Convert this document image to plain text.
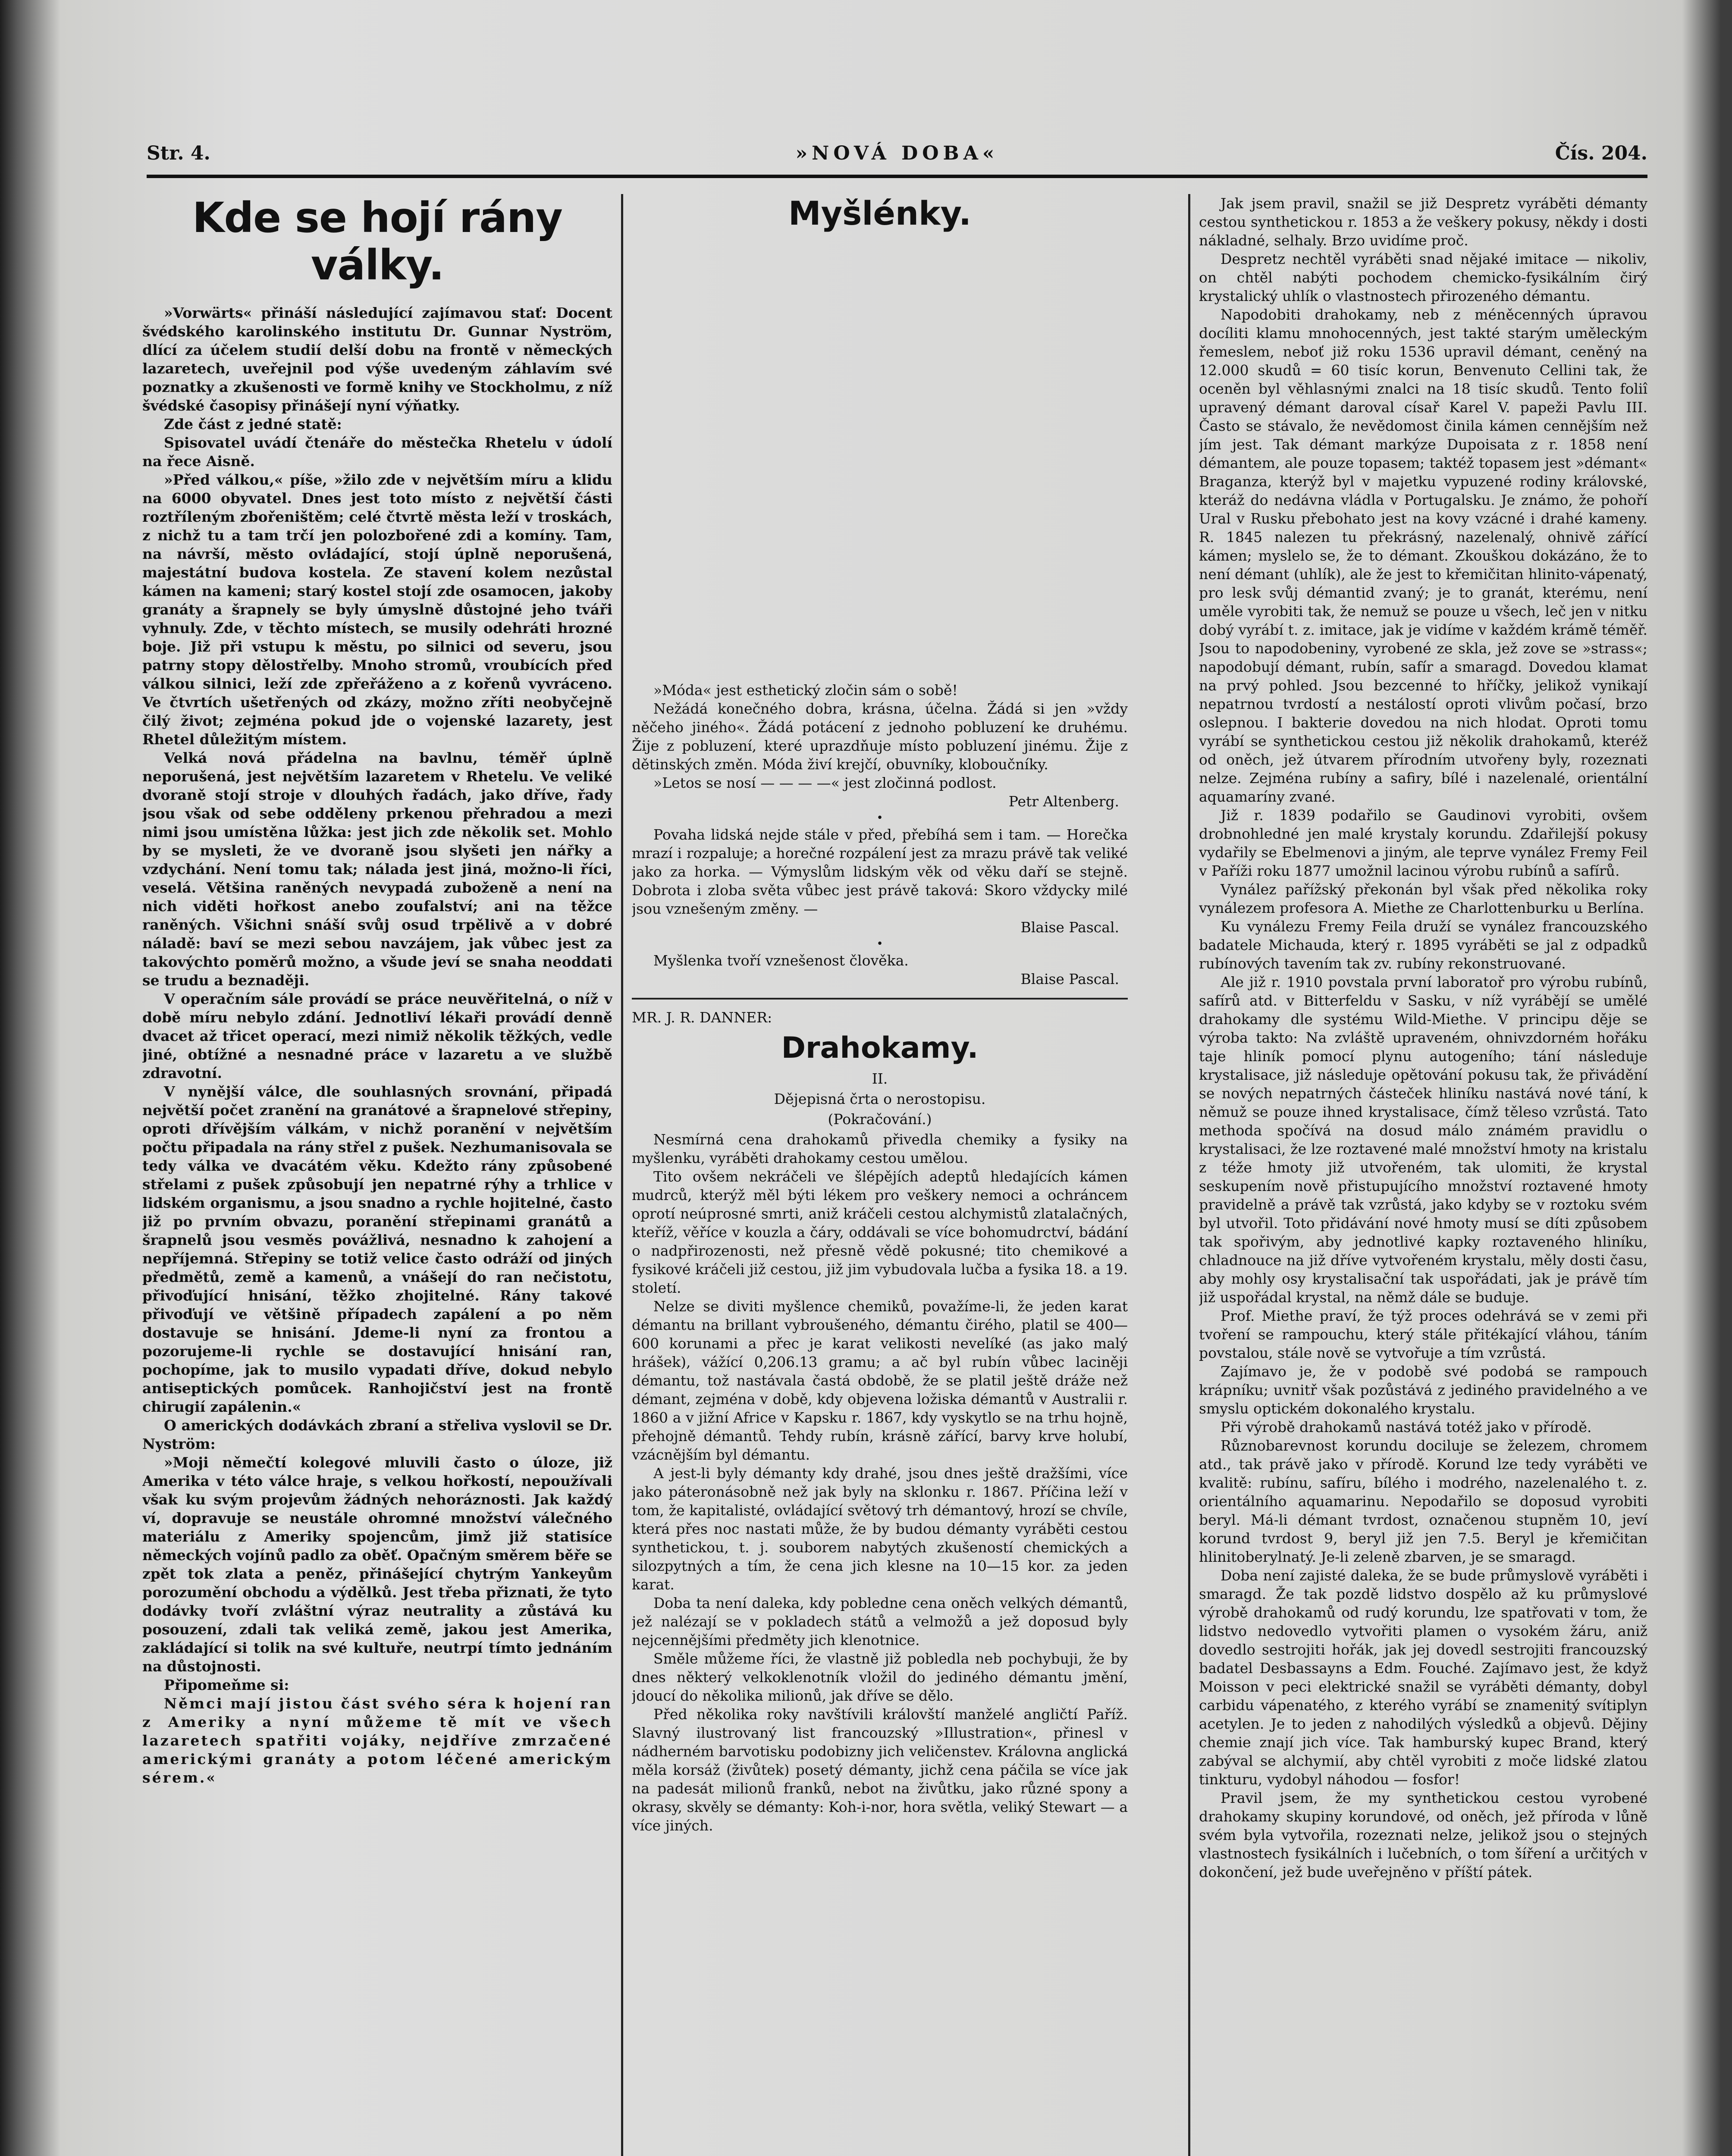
Str. 4.	»NOVÁ DOBA«	Čís. 204.
Kde se hojí rány války.

»Vorwärts« přináší následující zajímavou stať: Docent švédského karolinského institutu Dr. Gunnar Nyström, dlící za účelem studií delší dobu na frontě v německých lazaretech, uveřejnil pod výše uvedeným záhlavím své poznatky a zkušenosti ve formě knihy ve Stockholmu, z níž švédské časopisy přinášejí nyní výňatky.

Zde část z jedné statě:

Spisovatel uvádí čtenáře do městečka Rhetelu v údolí na řece Aisně.

»Před válkou,« píše, »žilo zde v největším míru a klidu na 6000 obyvatel. Dnes jest toto místo z největší části roztříleným zbořeništěm; celé čtvrtě města leží v troskách, z nichž tu a tam trčí jen polozbořené zdi a komíny. Tam, na návrší, město ovládající, stojí úplně neporušená, majestátní budova kostela. Ze stavení kolem nezůstal kámen na kameni; starý kostel stojí zde osamocen, jakoby granáty a šrapnely se byly úmyslně důstojné jeho tváři vyhnuly. Zde, v těchto místech, se musily odehráti hrozné boje. Již při vstupu k městu, po silnici od severu, jsou patrny stopy dělostřelby. Mnoho stromů, vroubících před válkou silnici, leží zde zpřeřáženo a z kořenů vyvráceno. Ve čtvrtích ušetřených od zkázy, možno zříti neobyčejně čilý život; zejména pokud jde o vojenské lazarety, jest Rhetel důležitým místem.

Velká nová přádelna na bavlnu, téměř úplně neporušená, jest největším lazaretem v Rhetelu. Ve veliké dvoraně stojí stroje v dlouhých řadách, jako dříve, řady jsou však od sebe odděleny prkenou přehradou a mezi nimi jsou umístěna lůžka: jest jich zde několik set. Mohlo by se mysleti, že ve dvoraně jsou slyšeti jen nářky a vzdychání. Není tomu tak; nálada jest jiná, možno-li říci, veselá. Většina raněných nevypadá zuboženě a není na nich viděti hořkost anebo zoufalství; ani na těžce raněných. Všichni snáší svůj osud trpělivě a v dobré náladě: baví se mezi sebou navzájem, jak vůbec jest za takovýchto poměrů možno, a všude jeví se snaha neoddati se trudu a beznaději.

V operačním sále provádí se práce neuvěřitelná, o níž v době míru nebylo zdání. Jednotliví lékaři provádí denně dvacet až třicet operací, mezi nimiž několik těžkých, vedle jiné, obtížné a nesnadné práce v lazaretu a ve službě zdravotní.

V nynější válce, dle souhlasných srovnání, připadá největší počet zranění na granátové a šrapnelové střepiny, oproti dřívějším válkám, v nichž poranění v největším počtu připadala na rány střel z pušek. Nezhumanisovala se tedy válka ve dvacátém věku. Kdežto rány způsobené střelami z pušek způsobují jen nepatrné rýhy a trhlice v lidském organismu, a jsou snadno a rychle hojitelné, často již po prvním obvazu, poranění střepinami granátů a šrapnelů jsou vesměs povážlivá, nesnadno k zahojení a nepříjemná. Střepiny se totiž velice často odráží od jiných předmětů, země a kamenů, a vnášejí do ran nečistotu, přivoďující hnisání, těžko zhojitelné. Rány takové přivoďují ve většině případech zapálení a po něm dostavuje se hnisání. Jdeme-li nyní za frontou a pozorujeme-li rychle se dostavující hnisání ran, pochopíme, jak to musilo vypadati dříve, dokud nebylo antiseptických pomůcek. Ranhojičství jest na frontě chirugií zapálenin.«

O amerických dodávkách zbraní a střeliva vyslovil se Dr. Nyström:

»Moji němečtí kolegové mluvili často o úloze, již Amerika v této válce hraje, s velkou hořkostí, nepoužívali však ku svým projevům žádných nehoráznosti. Jak každý ví, dopravuje se neustále ohromné množství válečného materiálu z Ameriky spojencům, jimž již statisíce německých vojínů padlo za oběť. Opačným směrem běře se zpět tok zlata a peněz, přinášející chytrým Yankeyům porozumění obchodu a výdělků. Jest třeba přiznati, že tyto dodávky tvoří zvláštní výraz neutrality a zůstává ku posouzení, zdali tak veliká země, jakou jest Amerika, zakládající si tolik na své kultuře, neutrpí tímto jednáním na důstojnosti.

Připomeňme si:

Němci mají jistou část svého séra k hojení ran z Ameriky a nyní můžeme tě mít ve všech lazaretech spatřiti vojáky, nejdříve zmrzačené americkými granáty a potom léčené americkým sérem.«

Myšlénky.

»Móda« jest esthetický zločin sám o sobě!

Nežádá konečného dobra, krásna, účelna. Žádá si jen »vždy něčeho jiného«. Žádá potácení z jednoho pobluzení ke druhému. Žije z pobluzení, které uprazdňuje místo pobluzení jinému. Žije z dětinských změn. Móda živí krejčí, obuvníky, kloboučníky.

»Letos se nosí — — — —« jest zločinná podlost.

Petr Altenberg.
•

Povaha lidská nejde stále v před, přebíhá sem i tam. — Horečka mrazí i rozpaluje; a horečné rozpálení jest za mrazu právě tak veliké jako za horka. — Výmyslům lidským věk od věku daří se stejně. Dobrota i zloba světa vůbec jest právě taková: Skoro vždycky milé jsou vznešeným změny. —

Blaise Pascal.
•

Myšlenka tvoří vznešenost člověka.

Blaise Pascal.
MR. J. R. DANNER:
Drahokamy.
II.
Dějepisná črta o nerostopisu.
(Pokračování.)

Nesmírná cena drahokamů přivedla chemiky a fysiky na myšlenku, vyráběti drahokamy cestou umělou.

Tito ovšem nekráčeli ve šlépějích adeptů hledajících kámen mudrců, kterýž měl býti lékem pro veškery nemoci a ochráncem oprotí neúprosné smrti, aniž kráčeli cestou alchymistů zlatalačných, kteříž, věříce v kouzla a čáry, oddávali se více bohomudrctví, bádání o nadpřirozenosti, než přesně vědě pokusné; tito chemikové a fysikové kráčeli již cestou, již jim vybudovala lučba a fysika 18. a 19. století.

Nelze se diviti myšlence chemiků, považíme-li, že jeden karat démantu na brillant vybroušeného, démantu čirého, platil se 400—600 korunami a přec je karat velikosti nevelíké (as jako malý hrášek), vážící 0,206.13 gramu; a ač byl rubín vůbec laciněji démantu, tož nastávala častá obdobě, že se platil ještě dráže než démant, zejména v době, kdy objevena ložiska démantů v Australii r. 1860 a v jižní Africe v Kapsku r. 1867, kdy vyskytlo se na trhu hojně, přehojně démantů. Tehdy rubín, krásně zářící, barvy krve holubí, vzácnějším byl démantu.

A jest-li byly démanty kdy drahé, jsou dnes ještě dražšími, více jako páteronásobně než jak byly na sklonku r. 1867. Příčina leží v tom, že kapitalisté, ovládající světový trh démantový, hrozí se chvíle, která přes noc nastati může, že by budou démanty vyráběti cestou synthetickou, t. j. souborem nabytých zkušeností chemických a silozpytných a tím, že cena jich klesne na 10—15 kor. za jeden karat.

Doba ta není daleka, kdy pobledne cena oněch velkých démantů, jež nalézají se v pokladech států a velmožů a jež doposud byly nejcennějšími předměty jich klenotnice.

Směle můžeme říci, že vlastně již pobledla neb pochybuji, že by dnes některý velkoklenotník vložil do jediného démantu jmění, jdoucí do několika milionů, jak dříve se dělo.

Před několika roky navštívili královští manželé angličtí Paříž. Slavný ilustrovaný list francouzský »Illustration«, přinesl v nádherném barvotisku podobizny jich veličenstev. Královna anglická měla korsáž (živůtek) posetý démanty, jichž cena páčila se více jak na padesát milionů franků, nebot na živůtku, jako různé spony a okrasy, skvěly se démanty: Koh-i-nor, hora světla, veliký Stewart — a více jiných.

Jak jsem pravil, snažil se již Despretz vyráběti démanty cestou synthetickou r. 1853 a že veškery pokusy, někdy i dosti nákladné, selhaly. Brzo uvidíme proč.

Despretz nechtěl vyráběti snad nějaké imitace — nikoliv, on chtěl nabýti pochodem chemicko-fysikálním čirý krystalický uhlík o vlastnostech přirozeného démantu.

Napodobiti drahokamy, neb z méněcenných úpravou docíliti klamu mnohocenných, jest takté starým uměleckým řemeslem, neboť již roku 1536 upravil démant, ceněný na 12.000 skudů = 60 tisíc korun, Benvenuto Cellini tak, že oceněn byl věhlasnými znalci na 18 tisíc skudů. Tento foliî upravený démant daroval císař Karel V. papeži Pavlu III. Často se stávalo, že nevědomost činila kámen cennějším než jím jest. Tak démant markýze Dupoisata z r. 1858 není démantem, ale pouze topasem; taktéž topasem jest »démant« Braganza, kterýž byl v majetku vypuzené rodiny královské, kteráž do nedávna vládla v Portugalsku. Je známo, že pohoří Ural v Rusku přebohato jest na kovy vzácné i drahé kameny. R. 1845 nalezen tu překrásný, nazelenalý, ohnivě zářící kámen; myslelo se, že to démant. Zkouškou dokázáno, že to není démant (uhlík), ale že jest to křemičitan hlinito-vápenatý, pro lesk svůj démantid zvaný; je to granát, kterému, není uměle vyrobiti tak, že nemuž se pouze u všech, leč jen v nitku dobý vyrábí t. z. imitace, jak je vidíme v každém krámě téměř. Jsou to napodobeniny, vyrobené ze skla, jež zove se »strass«; napodobují démant, rubín, safír a smaragd. Dovedou klamat na prvý pohled. Jsou bezcenné to hříčky, jelikož vynikají nepatrnou tvrdostí a nestálostí oproti vlivům počasí, brzo oslepnou. I bakterie dovedou na nich hlodat. Oproti tomu vyrábí se synthetickou cestou již několik drahokamů, kteréž od oněch, jež útvarem přírodním utvořeny byly, rozeznati nelze. Zejména rubíny a safiry, bílé i nazelenalé, orientální aquamaríny zvané.

Již r. 1839 podařilo se Gaudinovi vyrobiti, ovšem drobnohledné jen malé krystaly korundu. Zdařilejší pokusy vydařily se Ebelmenovi a jiným, ale teprve vynález Fremy Feil v Paříži roku 1877 umožnil lacinou výrobu rubínů a safírů.

Vynález pařížský překonán byl však před několika roky vynálezem profesora A. Miethe ze Charlottenburku u Berlína.

Ku vynálezu Fremy Feila druží se vynález francouzského badatele Michauda, který r. 1895 vyráběti se jal z odpadků rubínových tavením tak zv. rubíny rekonstruované.

Ale již r. 1910 povstala první laboratoř pro výrobu rubínů, safírů atd. v Bitterfeldu v Sasku, v níž vyrábějí se umělé drahokamy dle systému Wild-Miethe. V principu děje se výroba takto: Na zvláště upraveném, ohnivzdorném hořáku taje hliník pomocí plynu autogeního; tání následuje krystalisace, již následuje opětování pokusu tak, že přivádění se nových nepatrných částeček hliníku nastává nové tání, k němuž se pouze ihned krystalisace, čímž těleso vzrůstá. Tato methoda spočívá na dosud málo známém pravidlu o krystalisaci, že lze roztavené malé množství hmoty na kristalu z téže hmoty již utvořeném, tak ulomiti, že krystal seskupením nově přistupujícího množství roztavené hmoty pravidelně a právě tak vzrůstá, jako kdyby se v roztoku svém byl utvořil. Toto přidávání nové hmoty musí se díti způsobem tak spořivým, aby jednotlivé kapky roztaveného hliníku, chladnouce na již dříve vytvořeném krystalu, měly dosti času, aby mohly osy krystalisační tak uspořádati, jak je právě tím již uspořádal krystal, na němž dále se buduje.

Prof. Miethe praví, že týž proces odehrává se v zemi při tvoření se rampouchu, který stále přitékající vláhou, táním povstalou, stále nově se vytvořuje a tím vzrůstá.

Zajímavo je, že v podobě své podobá se rampouch krápníku; uvnitř však pozůstává z jediného pravidelného a ve smyslu optickém dokonalého krystalu.

Při výrobě drahokamů nastává totéž jako v přírodě.

Různobarevnost korundu dociluje se železem, chromem atd., tak právě jako v přírodě. Korund lze tedy vyráběti ve kvalitě: rubínu, safíru, bílého i modrého, nazelenalého t. z. orientálního aquamarinu. Nepodařilo se doposud vyrobiti beryl. Má-li démant tvrdost, označenou stupněm 10, jeví korund tvrdost 9, beryl již jen 7.5. Beryl je křemičitan hlinitoberylnatý. Je-li zeleně zbarven, je se smaragd.

Doba není zajisté daleka, že se bude průmyslově vyráběti i smaragd. Že tak pozdě lidstvo dospělo až ku průmyslové výrobě drahokamů od rudý korundu, lze spatřovati v tom, že lidstvo nedovedlo vytvořiti plamen o vysokém žáru, aniž dovedlo sestrojiti hořák, jak jej dovedl sestrojiti francouzský badatel Desbassayns a Edm. Fouché. Zajímavo jest, že když Moisson v peci elektrické snažil se vyráběti démanty, dobyl carbidu vápenatého, z kterého vyrábí se znamenitý svítiplyn acetylen. Je to jeden z nahodilých výsledků a objevů. Dějiny chemie znají jich více. Tak hamburský kupec Brand, který zabýval se alchymií, aby chtěl vyrobiti z moče lidské zlatou tinkturu, vydobyl náhodou — fosfor!

Pravil jsem, že my synthetickou cestou vyrobené drahokamy skupiny korundové, od oněch, jež příroda v lůně svém byla vytvořila, rozeznati nelze, jelikož jsou o stejných vlastnostech fysikálních i lučebních, o tom šíření a určitých v dokončení, jež bude uveřejněno v příští pátek.
